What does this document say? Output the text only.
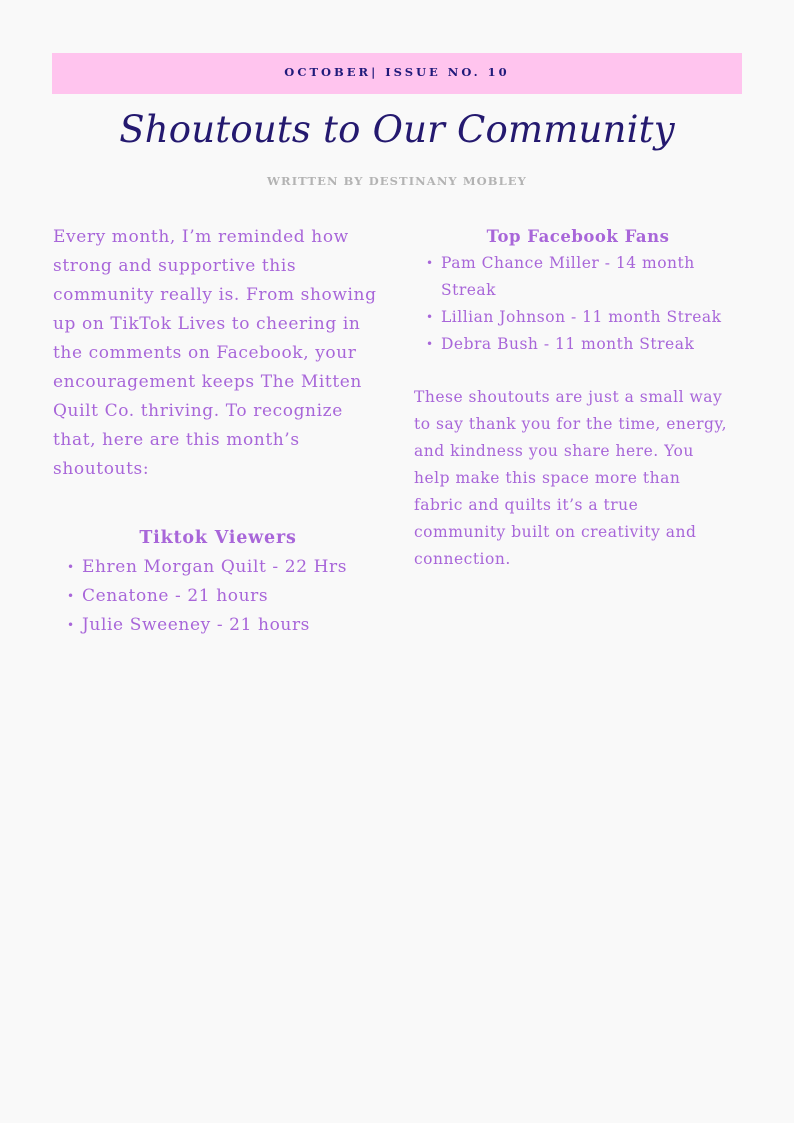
OCTOBER| ISSUE NO. 10
Shoutouts to Our Community
WRITTEN BY DESTINANY MOBLEY

Every month, I’m reminded how strong and supportive this community really is. From showing up on TikTok Lives to cheering in the comments on Facebook, your encouragement keeps The Mitten Quilt Co. thriving. To recognize that, here are this month’s shoutouts:

Tiktok Viewers
• Ehren Morgan Quilt - 22 Hrs
• Cenatone - 21 hours
• Julie Sweeney - 21 hours
Top Facebook Fans
• Pam Chance Miller - 14 month Streak
• Lillian Johnson - 11 month Streak
• Debra Bush - 11 month Streak

These shoutouts are just a small way to say thank you for the time, energy, and kindness you share here. You help make this space more than fabric and quilts it’s a true community built on creativity and connection.
